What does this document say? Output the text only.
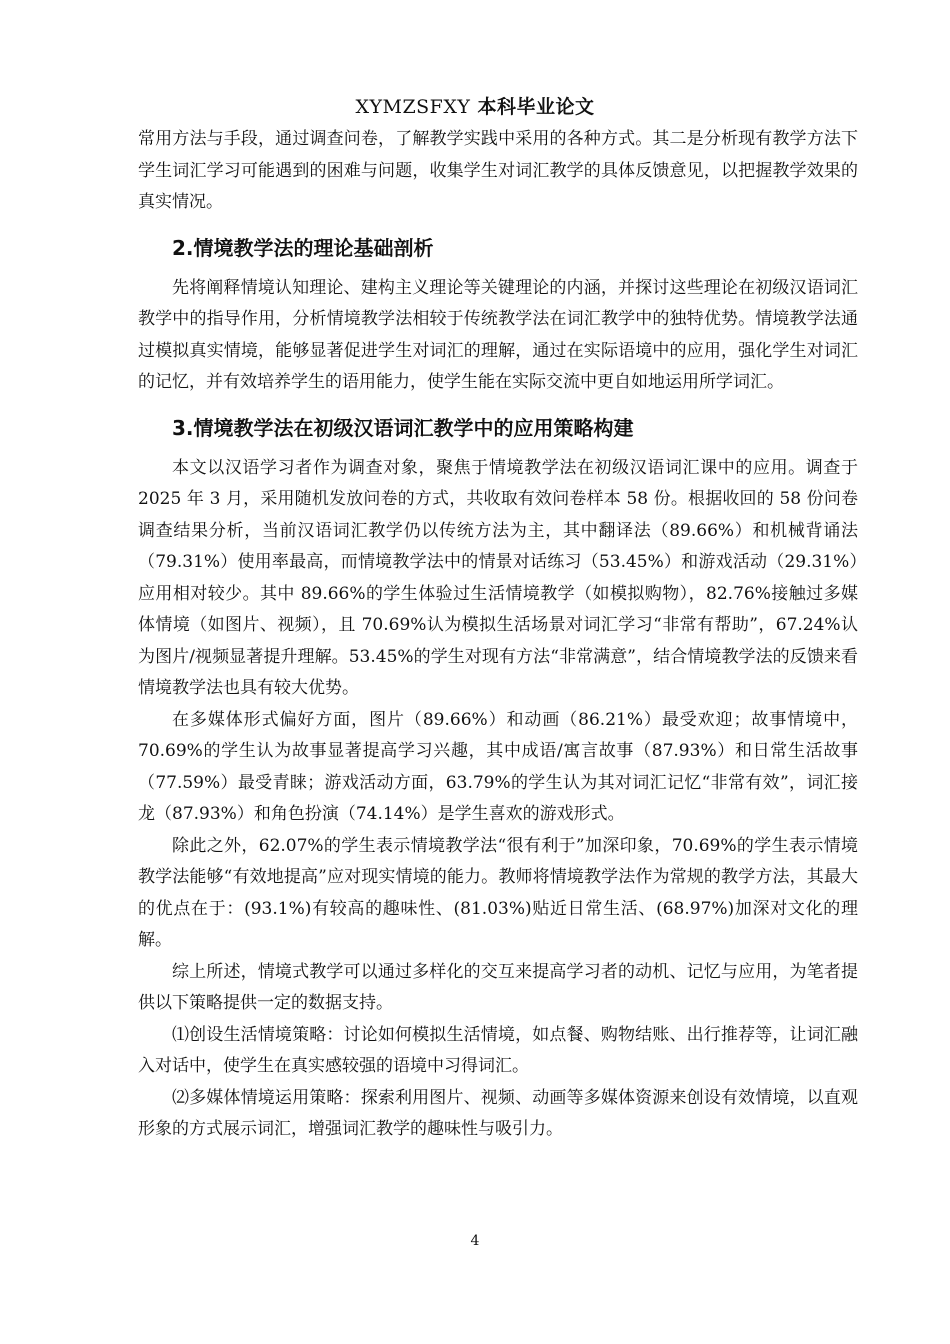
XYMZSFXY 本科毕业论文

常用方法与手段，通过调查问卷，了解教学实践中采用的各种方式。其二是分析现有教学方法下学生词汇学习可能遇到的困难与问题，收集学生对词汇教学的具体反馈意见，以把握教学效果的真实情况。

2.情境教学法的理论基础剖析

先将阐释情境认知理论、建构主义理论等关键理论的内涵，并探讨这些理论在初级汉语词汇教学中的指导作用，分析情境教学法相较于传统教学法在词汇教学中的独特优势。情境教学法通过模拟真实情境，能够显著促进学生对词汇的理解，通过在实际语境中的应用，强化学生对词汇的记忆，并有效培养学生的语用能力，使学生能在实际交流中更自如地运用所学词汇。

3.情境教学法在初级汉语词汇教学中的应用策略构建

本文以汉语学习者作为调查对象，聚焦于情境教学法在初级汉语词汇课中的应用。调查于 2025 年 3 月，采用随机发放问卷的方式，共收取有效问卷样本 58 份。根据收回的 58 份问卷调查结果分析，当前汉语词汇教学仍以传统方法为主，其中翻译法（89.66%）和机械背诵法（79.31%）使用率最高，而情境教学法中的情景对话练习（53.45%）和游戏活动（29.31%）应用相对较少。其中 89.66%的学生体验过生活情境教学（如模拟购物），82.76%接触过多媒体情境（如图片、视频），且 70.69%认为模拟生活场景对词汇学习“非常有帮助”，67.24%认为图片/视频显著提升理解。53.45%的学生对现有方法“非常满意”，结合情境教学法的反馈来看情境教学法也具有较大优势。

在多媒体形式偏好方面，图片（89.66%）和动画（86.21%）最受欢迎；故事情境中，70.69%的学生认为故事显著提高学习兴趣，其中成语/寓言故事（87.93%）和日常生活故事（77.59%）最受青睐；游戏活动方面，63.79%的学生认为其对词汇记忆“非常有效”，词汇接龙（87.93%）和角色扮演（74.14%）是学生喜欢的游戏形式。

除此之外，62.07%的学生表示情境教学法“很有利于”加深印象，70.69%的学生表示情境教学法能够“有效地提高”应对现实情境的能力。教师将情境教学法作为常规的教学方法，其最大的优点在于：(93.1%)有较高的趣味性、(81.03%)贴近日常生活、(68.97%)加深对文化的理解。

综上所述，情境式教学可以通过多样化的交互来提高学习者的动机、记忆与应用，为笔者提供以下策略提供一定的数据支持。

⑴创设生活情境策略：讨论如何模拟生活情境，如点餐、购物结账、出行推荐等，让词汇融入对话中，使学生在真实感较强的语境中习得词汇。

⑵多媒体情境运用策略：探索利用图片、视频、动画等多媒体资源来创设有效情境，以直观形象的方式展示词汇，增强词汇教学的趣味性与吸引力。

4
